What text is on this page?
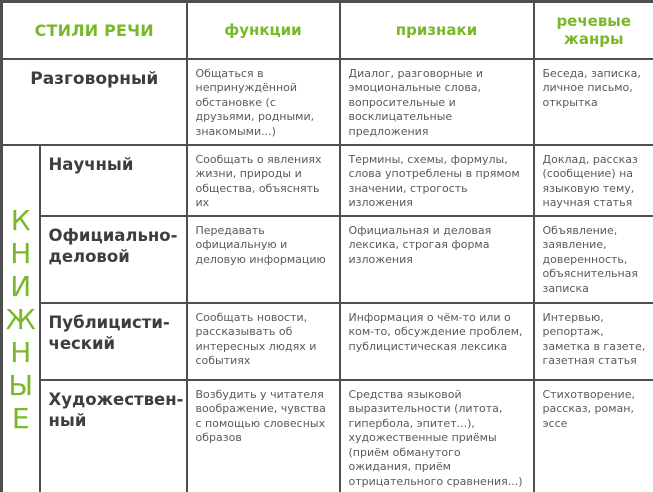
СТИЛИ РЕЧИ		функции	признаки	речевые жанры
Разговорный		Общаться в непринуждённой обстановке (с друзьями, родными, знакомыми...)	Диалог, разговорные и эмоциональные слова, вопросительные и восклицательные предложения	Беседа, записка, личное письмо, открытка

К
Н
И
Ж
Н
Ы
Е
	Научный	Сообщать о явлениях жизни, природы и общества, объяснять их	Термины, схемы, формулы, слова употреблены в прямом значении, строгость изложения	Доклад, рассказ (сообщение) на языковую тему, научная статья
	Официально-деловой	Передавать официальную и деловую информацию	Официальная и деловая лексика, строгая форма изложения	Объявление, заявление, доверенность, объяснительная записка
	Публицисти-ческий	Сообщать новости, рассказывать об интересных людях и событиях	Информация о чём-то или о ком-то, обсуждение проблем, публицистическая лексика	Интервью, репортаж, заметка в газете, газетная статья
	Художествен-ный	Возбудить у читателя воображение, чувства с помощью словесных образов	Средства языковой выразительности (литота, гипербола, эпитет...), художественные приёмы (приём обманутого ожидания, приём отрицательного сравнения...)	Стихотворение, рассказ, роман, эссе
